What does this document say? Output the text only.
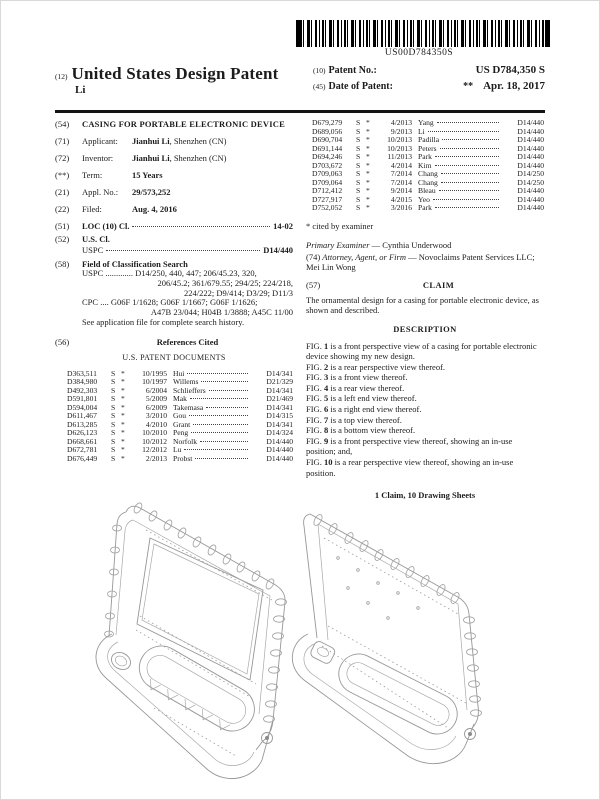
US00D784350S
(12) United States Design Patent
Li
(10) Patent No.:	US D784,350 S
(45) Date of Patent:	** Apr. 18, 2017
(54)	CASING FOR PORTABLE ELECTRONIC DEVICE
(71)	Applicant: Jianhui Li, Shenzhen (CN)
(72)	Inventor: Jianhui Li, Shenzhen (CN)
(**)	Term:	15 Years
(21)	Appl. No.: 29/573,252
(22)	Filed:	Aug. 4, 2016
(51)	LOC (10) Cl.	14-02
(52)	U.S. Cl.
USPC	D14/440
(58)	Field of Classification Search
USPC ............. D14/250, 440, 447; 206/45.23, 320,
206/45.2; 361/679.55; 294/25; 224/218,
224/222; D9/414; D3/29; D11/3
CPC .... G06F 1/1628; G06F 1/1667; G06F 1/1626;
A47B 23/044; H04B 1/3888; A45C 11/00
See application file for complete search history.
(56)	References Cited
U.S. PATENT DOCUMENTS
D363,511	S *	10/1995 Hui	D14/341
D384,980	S *	10/1997 Willems	D21/329
D492,303	S *	6/2004 Schlieffers	D14/341
D591,801	S *	5/2009 Mak	D21/469
D594,004	S *	6/2009 Takemasa	D14/341
D611,467	S *	3/2010 Gou	D14/315
D613,285	S *	4/2010 Grant	D14/341
D626,123	S *	10/2010 Peng	D14/324
D668,661	S *	10/2012 Norfolk	D14/440
D672,781	S *	12/2012 Lu	D14/440
D676,449	S *	2/2013 Probst	D14/440
D679,279	S *	4/2013 Yang	D14/440
D689,056	S *	9/2013 Li	D14/440
D690,704	S *	10/2013 Padilla	D14/440
D691,144	S *	10/2013 Peters	D14/440
D694,246	S *	11/2013 Park	D14/440
D703,672	S *	4/2014 Kim	D14/440
D709,063	S *	7/2014 Chang	D14/250
D709,064	S *	7/2014 Chang	D14/250
D712,412	S *	9/2014 Bleau	D14/440
D727,917	S *	4/2015 Yeo	D14/440
D752,052	S *	3/2016 Park	D14/440
* cited by examiner

Primary Examiner — Cynthia Underwood

(74) Attorney, Agent, or Firm — Novoclaims Patent Services LLC; Mei Lin Wong

(57)	CLAIM

The ornamental design for a casing for portable electronic device, as shown and described.

DESCRIPTION

FIG. 1 is a front perspective view of a casing for portable electronic device showing my new design.

FIG. 2 is a rear perspective view thereof.

FIG. 3 is a front view thereof.

FIG. 4 is a rear view thereof.

FIG. 5 is a left end view thereof.

FIG. 6 is a right end view thereof.

FIG. 7 is a top view thereof.

FIG. 8 is a bottom view thereof.

FIG. 9 is a front perspective view thereof, showing an in-use position; and,

FIG. 10 is a rear perspective view thereof, showing an in-use position.

1 Claim, 10 Drawing Sheets
